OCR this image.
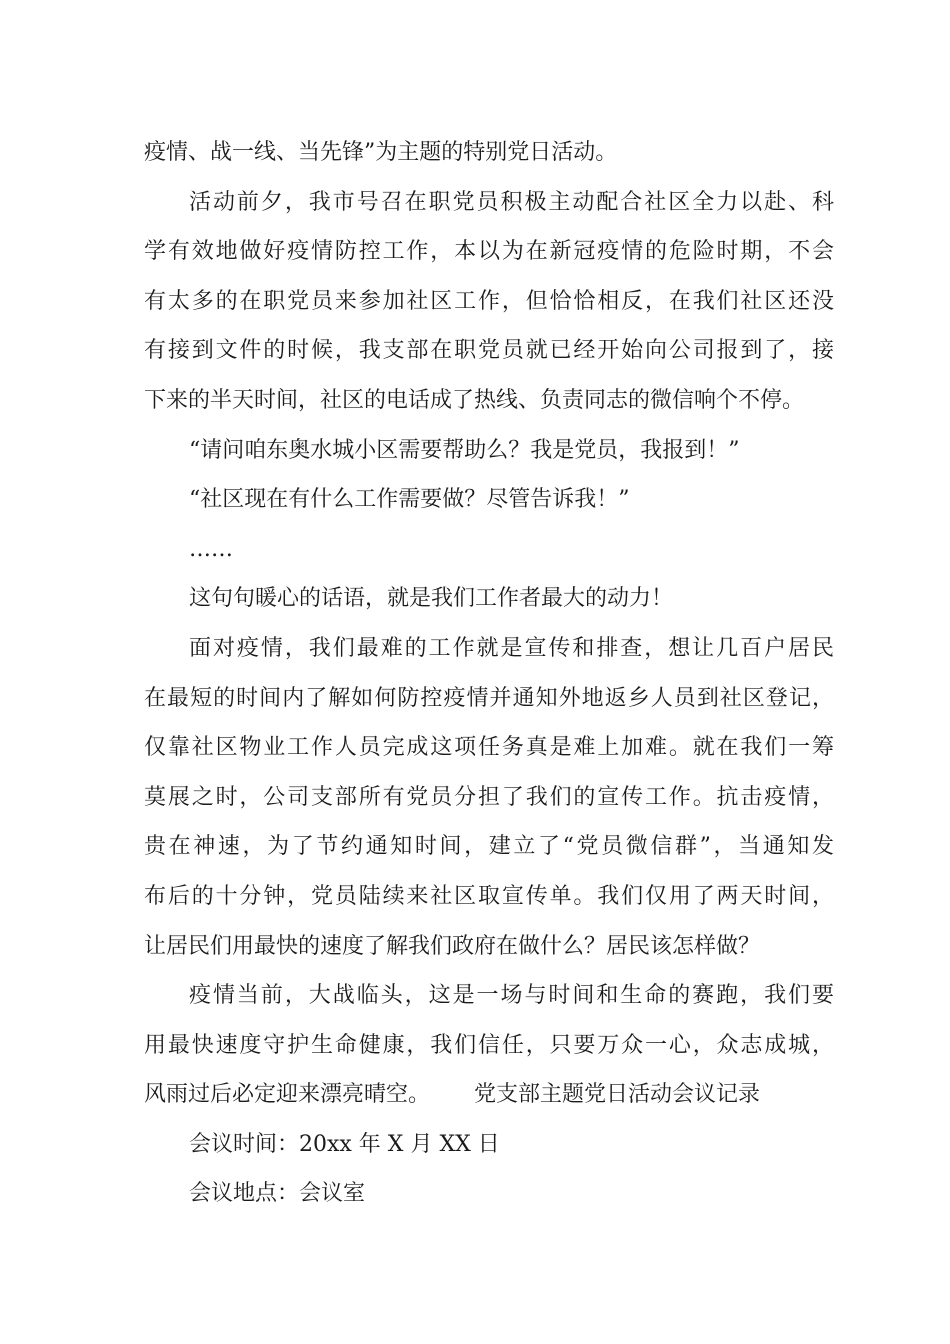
疫情、战一线、当先锋”为主题的特别党日活动。
活动前夕，我市号召在职党员积极主动配合社区全力以赴、科
学有效地做好疫情防控工作，本以为在新冠疫情的危险时期，不会
有太多的在职党员来参加社区工作，但恰恰相反，在我们社区还没
有接到文件的时候，我支部在职党员就已经开始向公司报到了，接
下来的半天时间，社区的电话成了热线、负责同志的微信响个不停。
“请问咱东奥水城小区需要帮助么？我是党员，我报到！”
“社区现在有什么工作需要做？尽管告诉我！”
……
这句句暖心的话语，就是我们工作者最大的动力！
面对疫情，我们最难的工作就是宣传和排查，想让几百户居民
在最短的时间内了解如何防控疫情并通知外地返乡人员到社区登记，
仅靠社区物业工作人员完成这项任务真是难上加难。就在我们一筹
莫展之时，公司支部所有党员分担了我们的宣传工作。抗击疫情，
贵在神速，为了节约通知时间，建立了“党员微信群”，当通知发
布后的十分钟，党员陆续来社区取宣传单。我们仅用了两天时间，
让居民们用最快的速度了解我们政府在做什么？居民该怎样做？
疫情当前，大战临头，这是一场与时间和生命的赛跑，我们要
用最快速度守护生命健康，我们信任，只要万众一心，众志成城，
风雨过后必定迎来漂亮晴空。 党支部主题党日活动会议记录
会议时间：20xx 年 X 月 XX 日
会议地点：会议室
